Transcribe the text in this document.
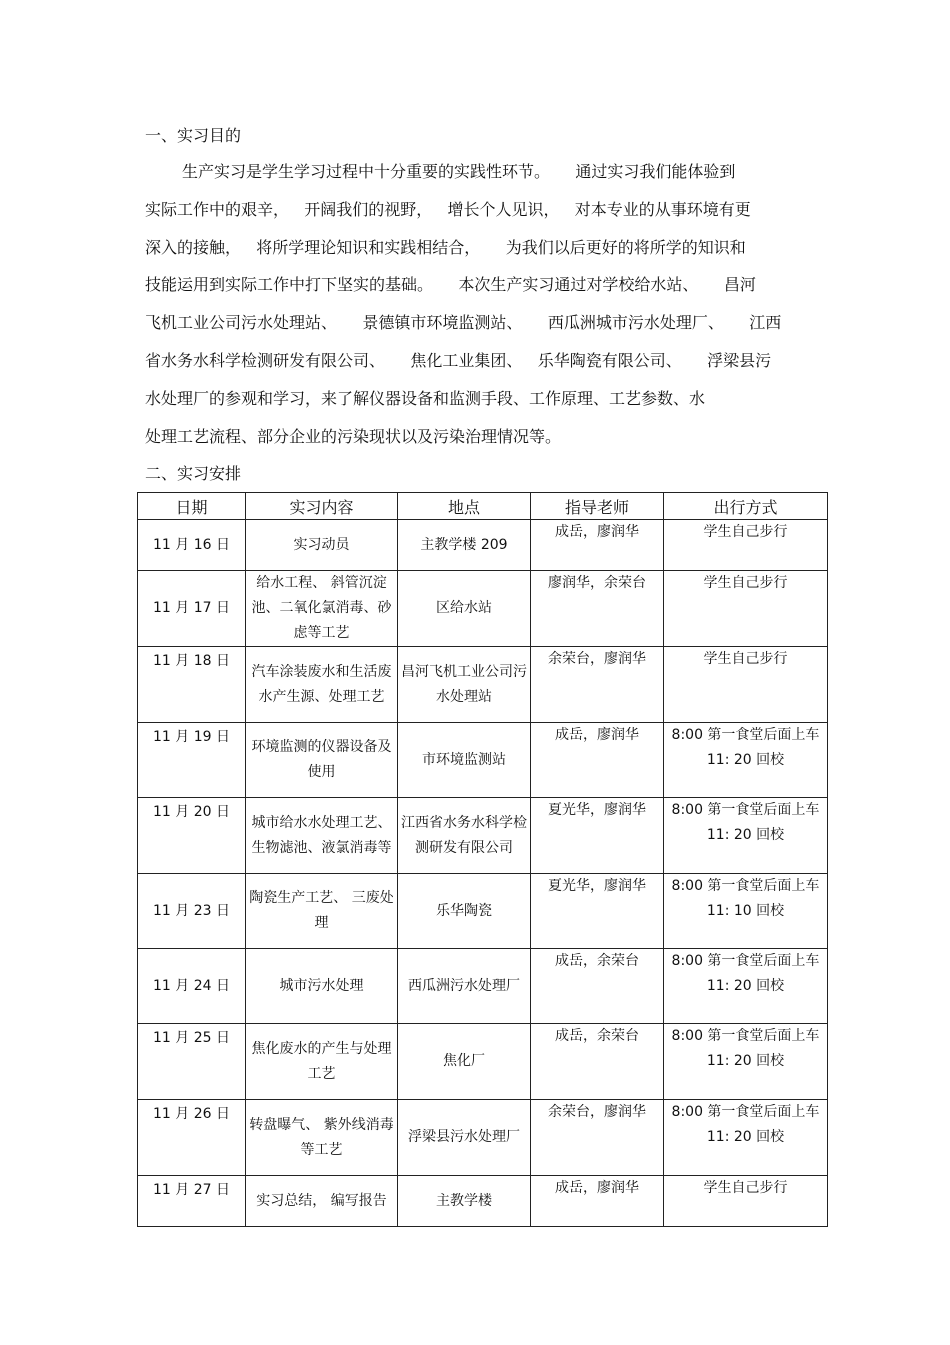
一、实习目的
生产实习是学生学习过程中十分重要的实践性环节。     通过实习我们能体验到
实际工作中的艰辛，   开阔我们的视野，   增长个人见识，   对本专业的从事环境有更
深入的接触，   将所学理论知识和实践相结合，     为我们以后更好的将所学的知识和
技能运用到实际工作中打下坚实的基础。     本次生产实习通过对学校给水站、     昌河
飞机工业公司污水处理站、     景德镇市环境监测站、     西瓜洲城市污水处理厂、     江西
省水务水科学检测研发有限公司、     焦化工业集团、   乐华陶瓷有限公司、     浮梁县污
水处理厂的参观和学习，来了解仪器设备和监测手段、工作原理、工艺参数、水
处理工艺流程、部分企业的污染现状以及污染治理情况等。
二、实习安排
日期	实习内容	地点	指导老师	出行方式
11 月 16 日	实习动员	主教学楼 209	成岳，廖润华	学生自己步行
11 月 17 日	给水工程、 斜管沉淀池、二氧化氯消毒、砂虑等工艺	区给水站	廖润华，余荣台	学生自己步行
11 月 18 日	汽车涂装废水和生活废水产生源、处理工艺	昌河飞机工业公司污水处理站	余荣台，廖润华	学生自己步行
11 月 19 日	环境监测的仪器设备及使用	市环境监测站	成岳，廖润华	8:00 第一食堂后面上车 11: 20 回校
11 月 20 日	城市给水水处理工艺、生物滤池、液氯消毒等	江西省水务水科学检测研发有限公司	夏光华，廖润华	8:00 第一食堂后面上车 11: 20 回校
11 月 23 日	陶瓷生产工艺、 三废处理	乐华陶瓷	夏光华，廖润华	8:00 第一食堂后面上车 11: 10 回校
11 月 24 日	城市污水处理	西瓜洲污水处理厂	成岳，余荣台	8:00 第一食堂后面上车 11: 20 回校
11 月 25 日	焦化废水的产生与处理工艺	焦化厂	成岳，余荣台	8:00 第一食堂后面上车 11: 20 回校
11 月 26 日	转盘曝气、 紫外线消毒等工艺	浮梁县污水处理厂	余荣台，廖润华	8:00 第一食堂后面上车 11: 20 回校
11 月 27 日	实习总结， 编写报告	主教学楼	成岳，廖润华	学生自己步行
